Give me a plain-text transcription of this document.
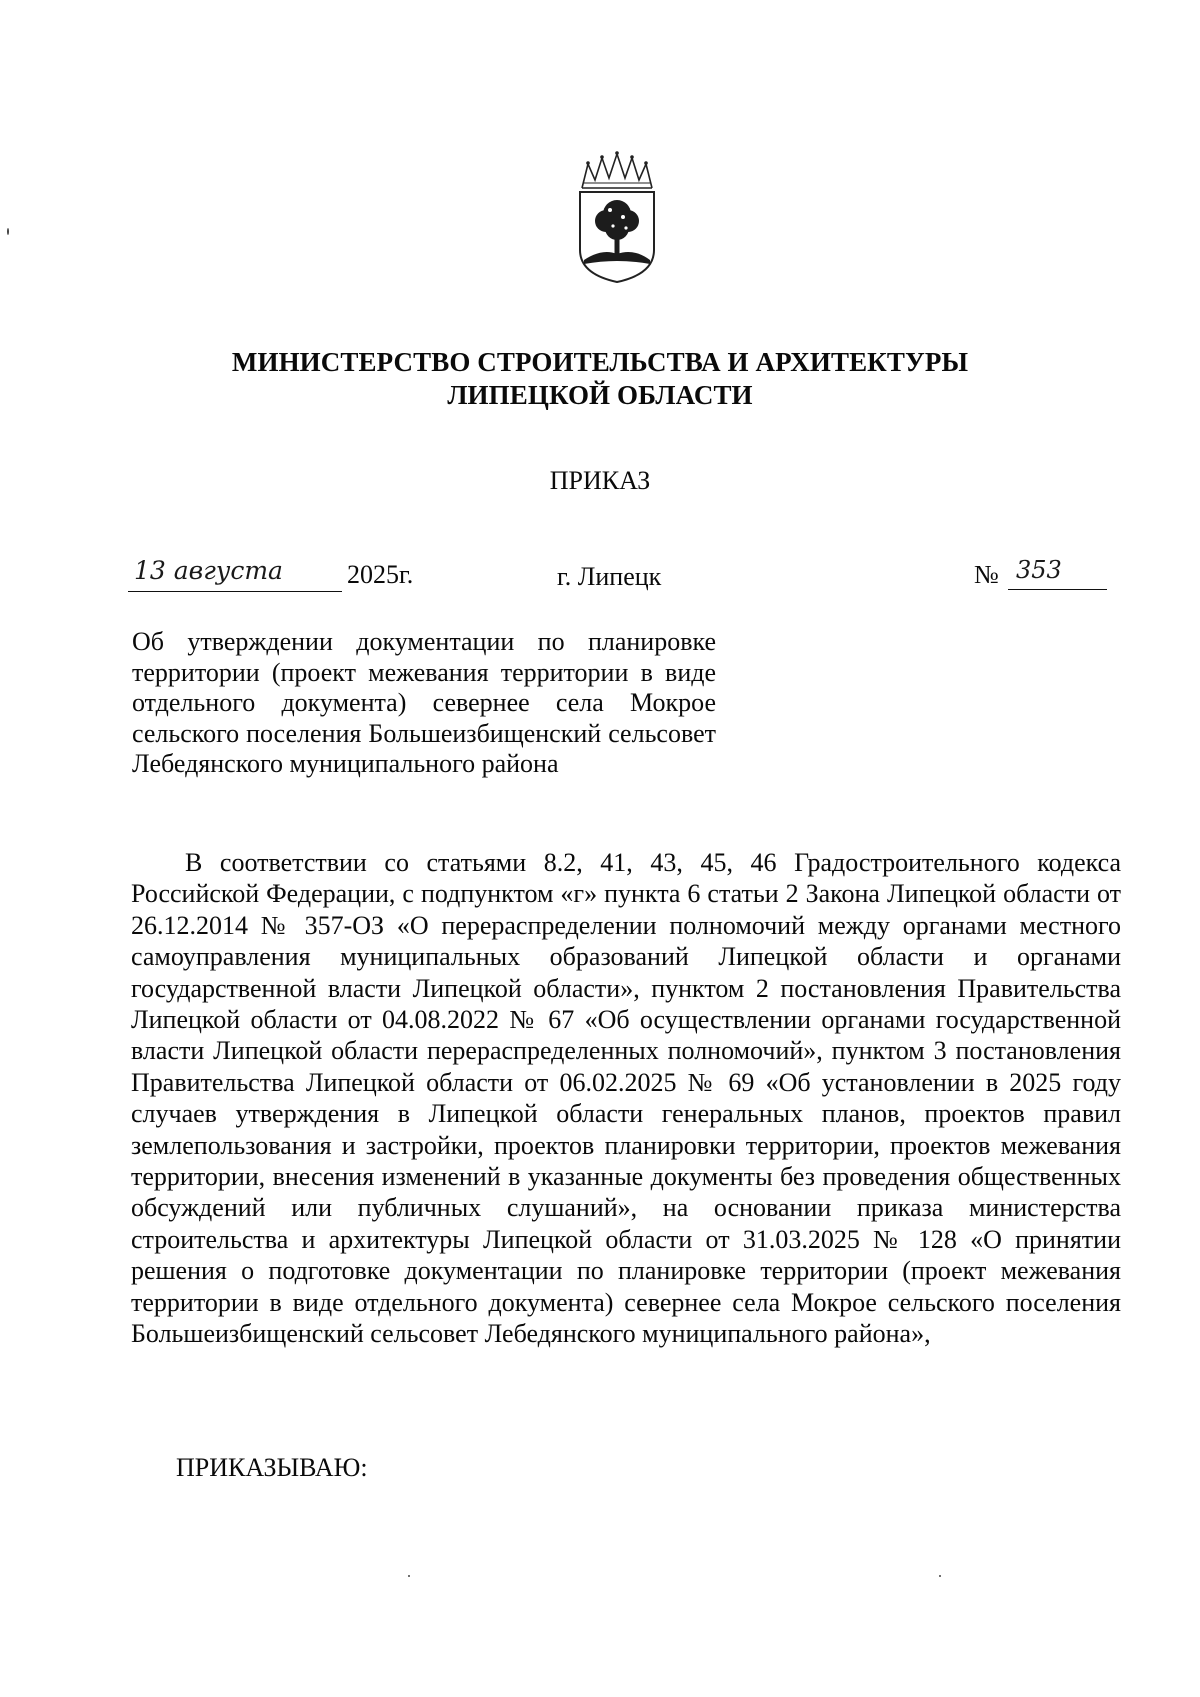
МИНИСТЕРСТВО СТРОИТЕЛЬСТВА И АРХИТЕКТУРЫ
ЛИПЕЦКОЙ ОБЛАСТИ
ПРИКАЗ
13 августа	2025г.	г. Липецк	№ 353
Об утверждении документации по планировке территории (проект межевания территории в виде отдельного документа) севернее села Мокрое сельского поселения Большеизбищенский сельсовет Лебедянского муниципального района
В соответствии со статьями 8.2, 41, 43, 45, 46 Градостроительного кодекса Российской Федерации, с подпунктом «г» пункта 6 статьи 2 Закона Липецкой области от 26.12.2014 № 357-ОЗ «О перераспределении полномочий между органами местного самоуправления муниципальных образований Липецкой области и органами государственной власти Липецкой области», пунктом 2 постановления Правительства Липецкой области от 04.08.2022 № 67 «Об осуществлении органами государственной власти Липецкой области перераспределенных полномочий», пунктом 3 постановления Правительства Липецкой области от 06.02.2025 № 69 «Об установлении в 2025 году случаев утверждения в Липецкой области генеральных планов, проектов правил землепользования и застройки, проектов планировки территории, проектов межевания территории, внесения изменений в указанные документы без проведения общественных обсуждений или публичных слушаний», на основании приказа министерства строительства и архитектуры Липецкой области от 31.03.2025 № 128 «О принятии решения о подготовке документации по планировке территории (проект межевания территории в виде отдельного документа) севернее села Мокрое сельского поселения Большеизбищенский сельсовет Лебедянского муниципального района»,
ПРИКАЗЫВАЮ:
